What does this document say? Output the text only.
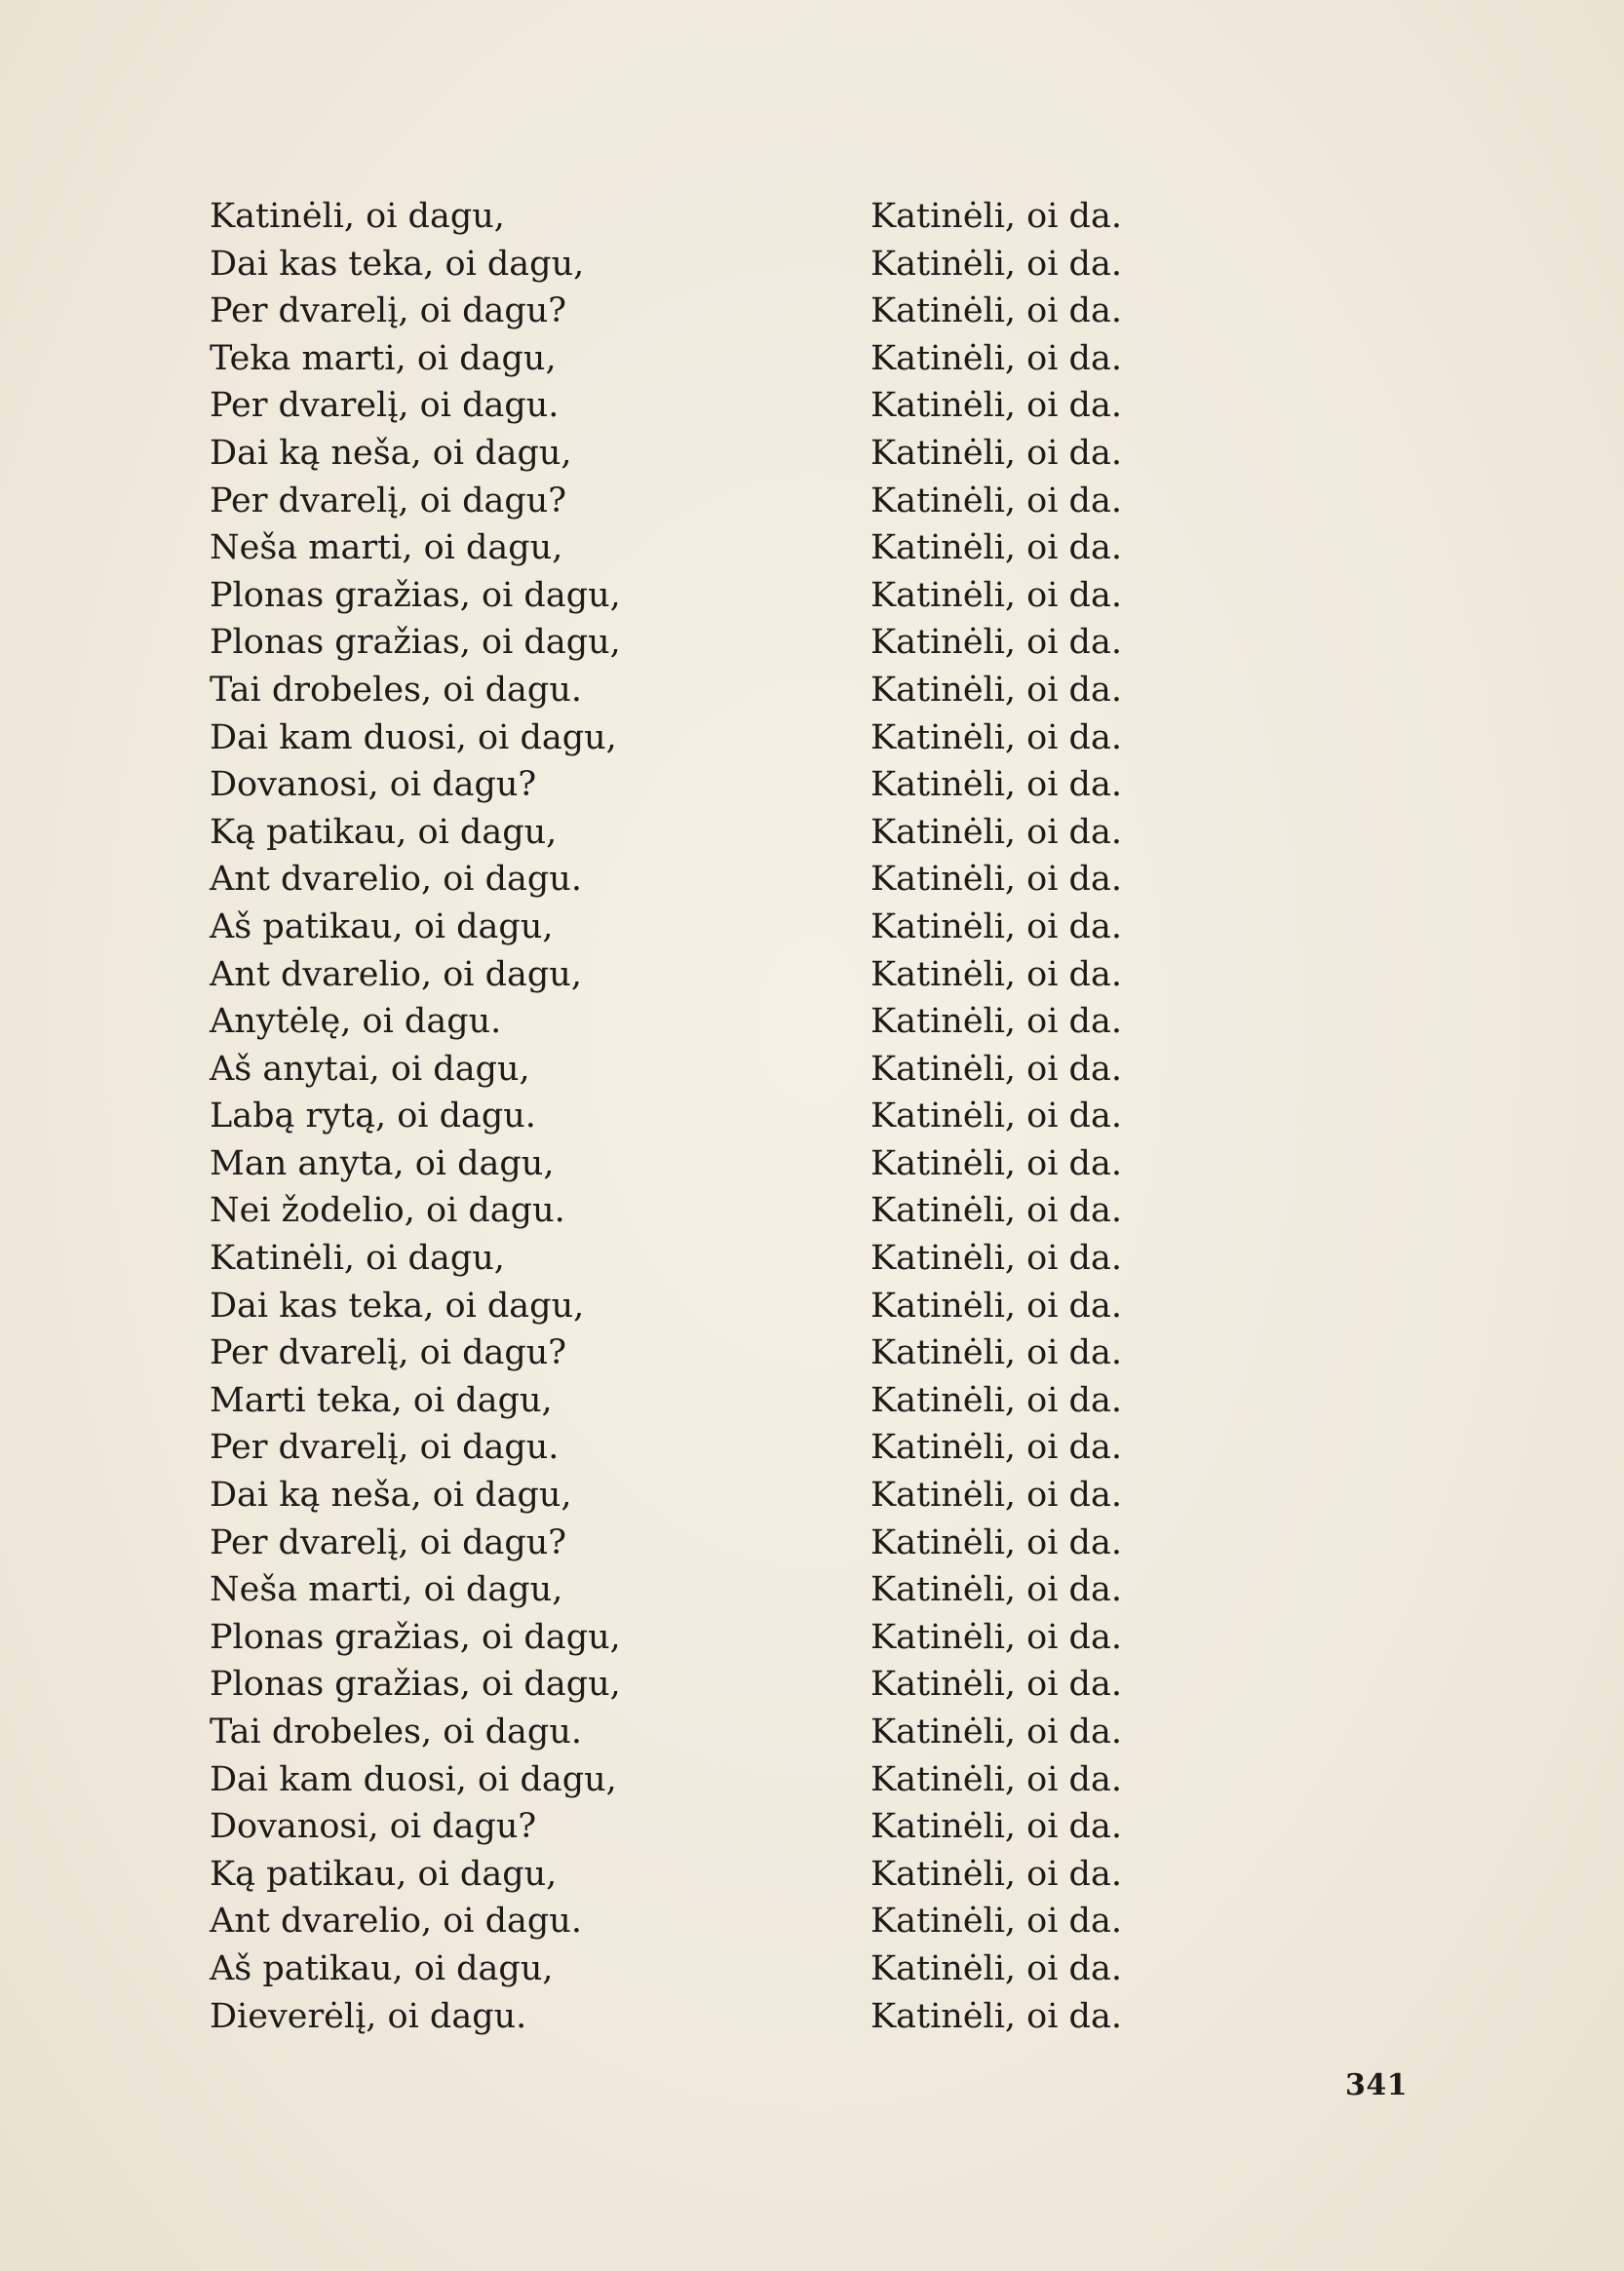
Katinėli, oi dagu,	Katinėli, oi da.
Dai kas teka, oi dagu,	Katinėli, oi da.
Per dvarelį, oi dagu?	Katinėli, oi da.
Teka marti, oi dagu,	Katinėli, oi da.
Per dvarelį, oi dagu.	Katinėli, oi da.
Dai ką neša, oi dagu,	Katinėli, oi da.
Per dvarelį, oi dagu?	Katinėli, oi da.
Neša marti, oi dagu,	Katinėli, oi da.
Plonas gražias, oi dagu,	Katinėli, oi da.
Plonas gražias, oi dagu,	Katinėli, oi da.
Tai drobeles, oi dagu.	Katinėli, oi da.
Dai kam duosi, oi dagu,	Katinėli, oi da.
Dovanosi, oi dagu?	Katinėli, oi da.
Ką patikau, oi dagu,	Katinėli, oi da.
Ant dvarelio, oi dagu.	Katinėli, oi da.
Aš patikau, oi dagu,	Katinėli, oi da.
Ant dvarelio, oi dagu,	Katinėli, oi da.
Anytėlę, oi dagu.	Katinėli, oi da.
Aš anytai, oi dagu,	Katinėli, oi da.
Labą rytą, oi dagu.	Katinėli, oi da.
Man anyta, oi dagu,	Katinėli, oi da.
Nei žodelio, oi dagu.	Katinėli, oi da.
Katinėli, oi dagu,	Katinėli, oi da.
Dai kas teka, oi dagu,	Katinėli, oi da.
Per dvarelį, oi dagu?	Katinėli, oi da.
Marti teka, oi dagu,	Katinėli, oi da.
Per dvarelį, oi dagu.	Katinėli, oi da.
Dai ką neša, oi dagu,	Katinėli, oi da.
Per dvarelį, oi dagu?	Katinėli, oi da.
Neša marti, oi dagu,	Katinėli, oi da.
Plonas gražias, oi dagu,	Katinėli, oi da.
Plonas gražias, oi dagu,	Katinėli, oi da.
Tai drobeles, oi dagu.	Katinėli, oi da.
Dai kam duosi, oi dagu,	Katinėli, oi da.
Dovanosi, oi dagu?	Katinėli, oi da.
Ką patikau, oi dagu,	Katinėli, oi da.
Ant dvarelio, oi dagu.	Katinėli, oi da.
Aš patikau, oi dagu,	Katinėli, oi da.
Dieverėlį, oi dagu.	Katinėli, oi da.
341
